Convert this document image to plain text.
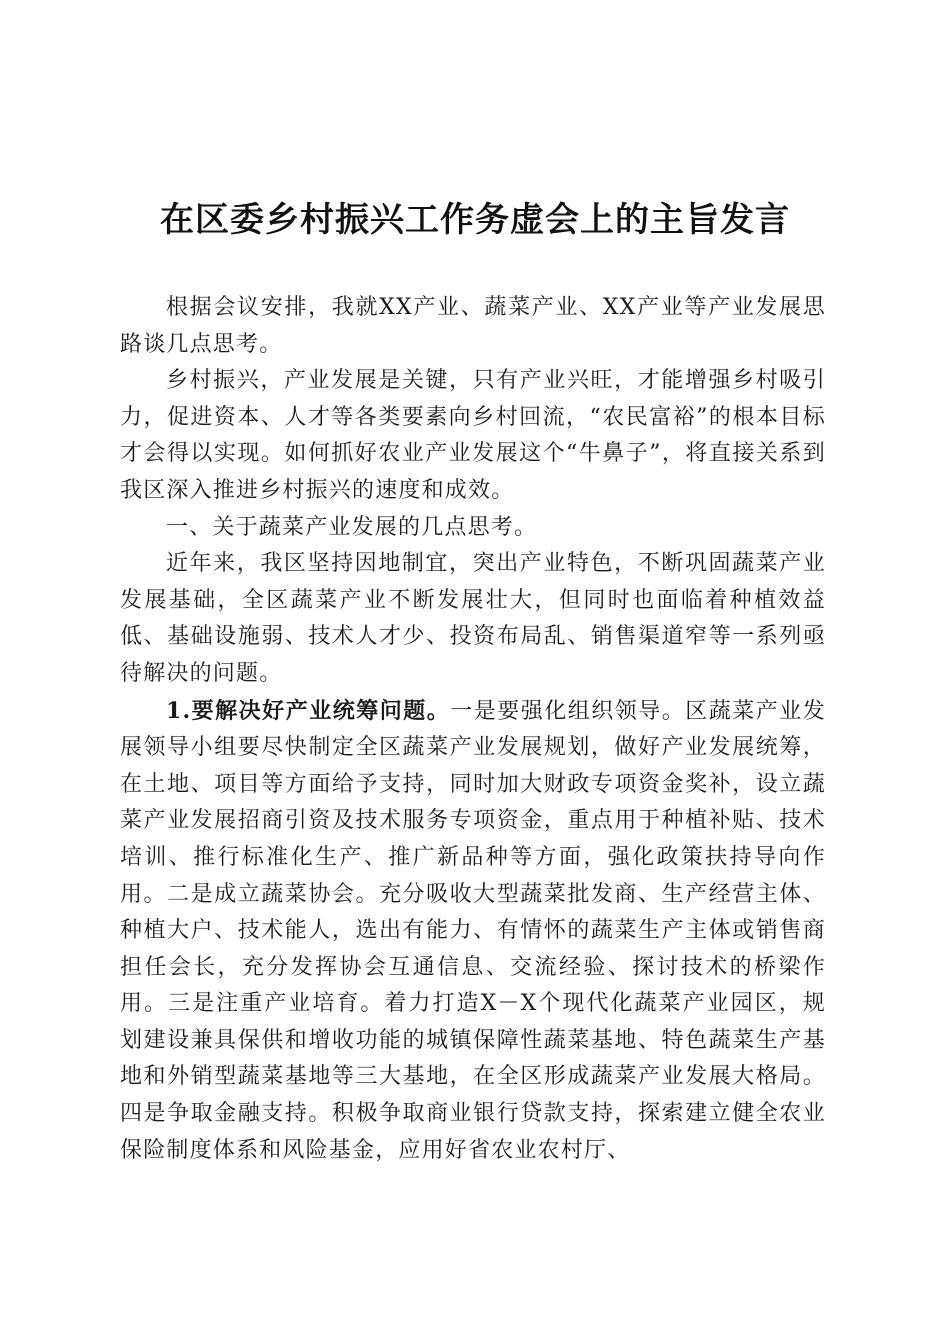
在区委乡村振兴工作务虚会上的主旨发言

根据会议安排，我就XX产业、蔬菜产业、XX产业等产业发展思路谈几点思考。

乡村振兴，产业发展是关键，只有产业兴旺，才能增强乡村吸引力，促进资本、人才等各类要素向乡村回流，“农民富裕”的根本目标才会得以实现。如何抓好农业产业发展这个“牛鼻子”，将直接关系到我区深入推进乡村振兴的速度和成效。

一、关于蔬菜产业发展的几点思考。

近年来，我区坚持因地制宜，突出产业特色，不断巩固蔬菜产业发展基础，全区蔬菜产业不断发展壮大，但同时也面临着种植效益低、基础设施弱、技术人才少、投资布局乱、销售渠道窄等一系列亟待解决的问题。

1.要解决好产业统筹问题。一是要强化组织领导。区蔬菜产业发展领导小组要尽快制定全区蔬菜产业发展规划，做好产业发展统筹，在土地、项目等方面给予支持，同时加大财政专项资金奖补，设立蔬菜产业发展招商引资及技术服务专项资金，重点用于种植补贴、技术培训、推行标准化生产、推广新品种等方面，强化政策扶持导向作用。二是成立蔬菜协会。充分吸收大型蔬菜批发商、生产经营主体、种植大户、技术能人，选出有能力、有情怀的蔬菜生产主体或销售商担任会长，充分发挥协会互通信息、交流经验、探讨技术的桥梁作用。三是注重产业培育。着力打造X－X个现代化蔬菜产业园区，规划建设兼具保供和增收功能的城镇保障性蔬菜基地、特色蔬菜生产基地和外销型蔬菜基地等三大基地，在全区形成蔬菜产业发展大格局。四是争取金融支持。积极争取商业银行贷款支持，探索建立健全农业保险制度体系和风险基金，应用好省农业农村厅、
